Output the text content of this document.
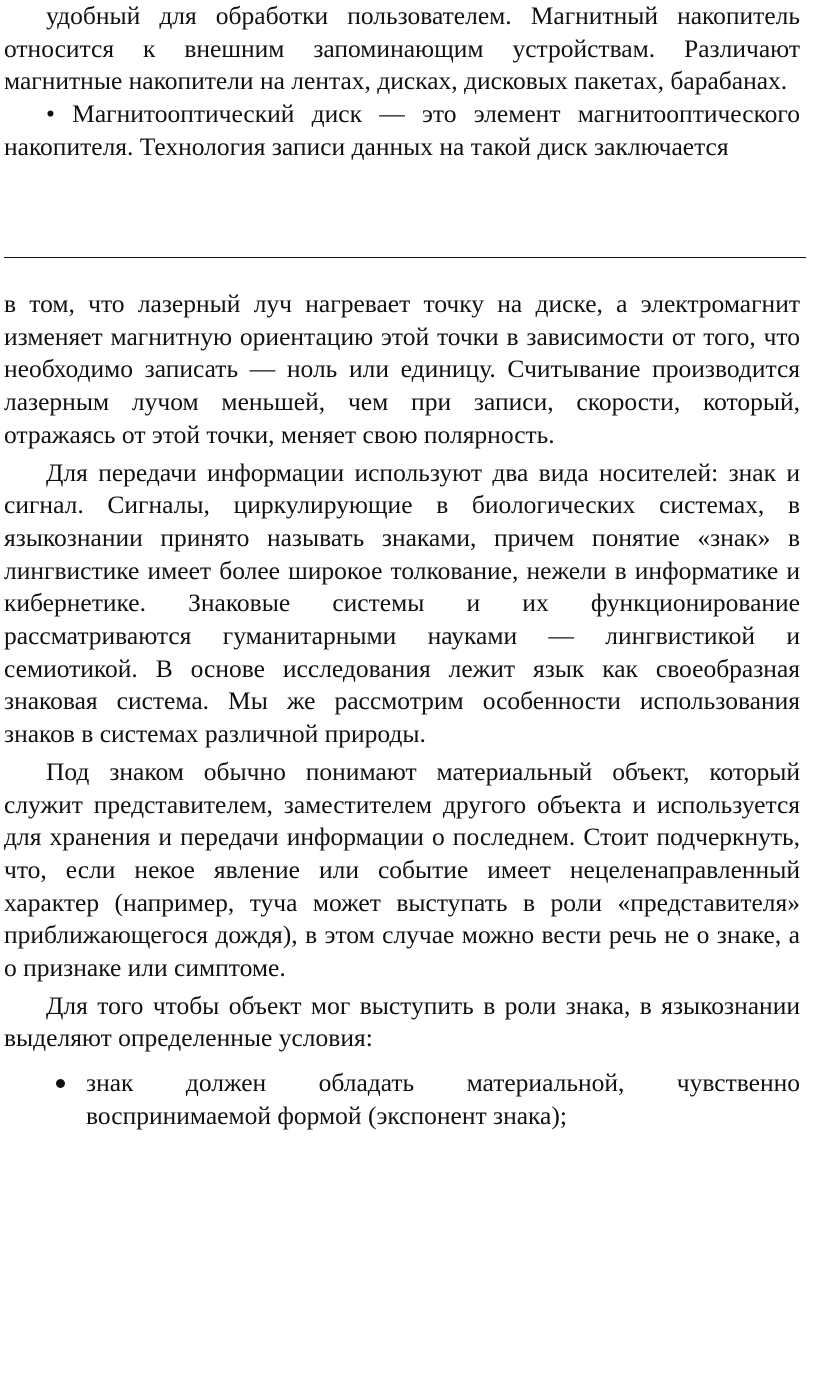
удобный для обработки пользователем. Магнитный накопитель относится к внешним запоминающим устройствам. Различают магнитные накопители на лентах, дисках, дисковых пакетах, барабанах.

• Магнитооптический диск — это элемент магнитооптического накопителя. Технология записи данных на такой диск заключается

в том, что лазерный луч нагревает точку на диске, а электромагнит изменяет магнитную ориентацию этой точки в зависимости от того, что необходимо записать — ноль или единицу. Считывание производится лазерным лучом меньшей, чем при записи, скорости, который, отражаясь от этой точки, меняет свою полярность.

Для передачи информации используют два вида носителей: знак и сигнал. Сигналы, циркулирующие в биологических системах, в языкознании принято называть знаками, причем понятие «знак» в лингвистике имеет более широкое толкование, нежели в информатике и кибернетике. Знаковые системы и их функционирование рассматриваются гуманитарными науками — лингвистикой и семиотикой. В основе исследования лежит язык как своеобразная знаковая система. Мы же рассмотрим особенности использования знаков в системах различной природы.

Под знаком обычно понимают материальный объект, который служит представителем, заместителем другого объекта и используется для хранения и передачи информации о последнем. Стоит подчеркнуть, что, если некое явление или событие имеет нецеленаправленный характер (например, туча может выступать в роли «представителя» приближающегося дождя), в этом случае можно вести речь не о знаке, а о признаке или симптоме.

Для того чтобы объект мог выступить в роли знака, в языкознании выделяют определенные условия:

знак должен обладать материальной, чувственно воспринимаемой формой (экспонент знака);
